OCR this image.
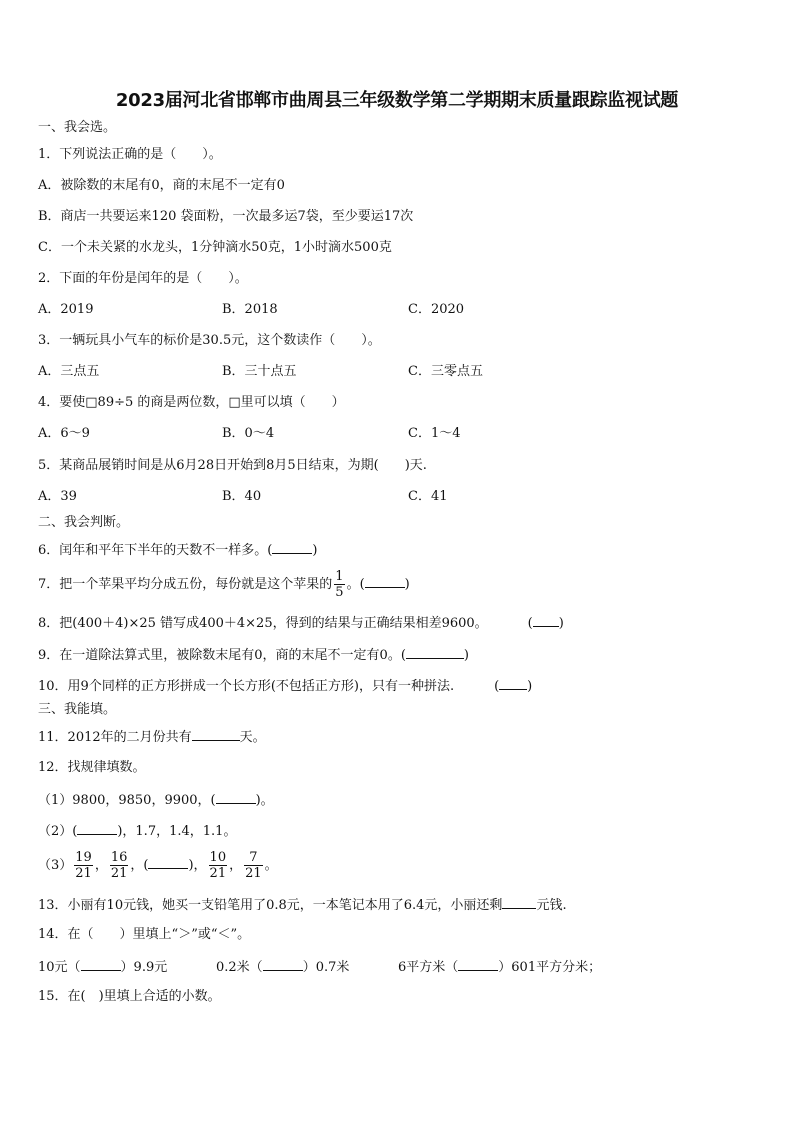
2023届河北省邯郸市曲周县三年级数学第二学期期末质量跟踪监视试题
一、我会选。
1．下列说法正确的是（　　）。
A．被除数的末尾有0，商的末尾不一定有0
B．商店一共要运来120 袋面粉，一次最多运7袋，至少要运17次
C．一个未关紧的水龙头，1分钟滴水50克，1小时滴水500克
2．下面的年份是闰年的是（　　）。
A．2019	B．2018	C．2020
3．一辆玩具小气车的标价是30.5元，这个数读作（　　）。
A．三点五	B．三十点五	C．三零点五
4．要使□89÷5 的商是两位数，□里可以填（　　）
A．6～9	B．0～4	C．1～4
5．某商品展销时间是从6月28日开始到8月5日结束，为期(　　)天.
A．39	B．40	C．41
二、我会判断。
6．闰年和平年下半年的天数不一样多。(	)
7．把一个苹果平均分成五份，每份就是这个苹果的 $\frac{1}{5}$ 。(	)
8．把(400＋4)×25 错写成400＋4×25，得到的结果与正确结果相差9600。	( )
9．在一道除法算式里，被除数末尾有0，商的末尾不一定有0。(	)
10．用9个同样的正方形拼成一个长方形(不包括正方形)，只有一种拼法.	( )
三、我能填。
11．2012年的二月份共有	天。
12．找规律填数。
（1）9800，9850，9900，(	)。
（2）(	)，1.7，1.4，1.1。
$(3) \frac{19}{21}$ ， $\frac{16}{21}$ ，(	)， $\frac{10}{21}$ ， $\frac{7}{21}$ 。
13．小丽有10元钱，她买一支铅笔用了0.8元，一本笔记本用了6.4元，小丽还剩	元钱.
14．在（　　）里填上“＞”或“＜”。
10元（	）9.9元	0.2米（	）0.7米	6平方米（	）601平方分米；
15．在(　)里填上合适的小数。
